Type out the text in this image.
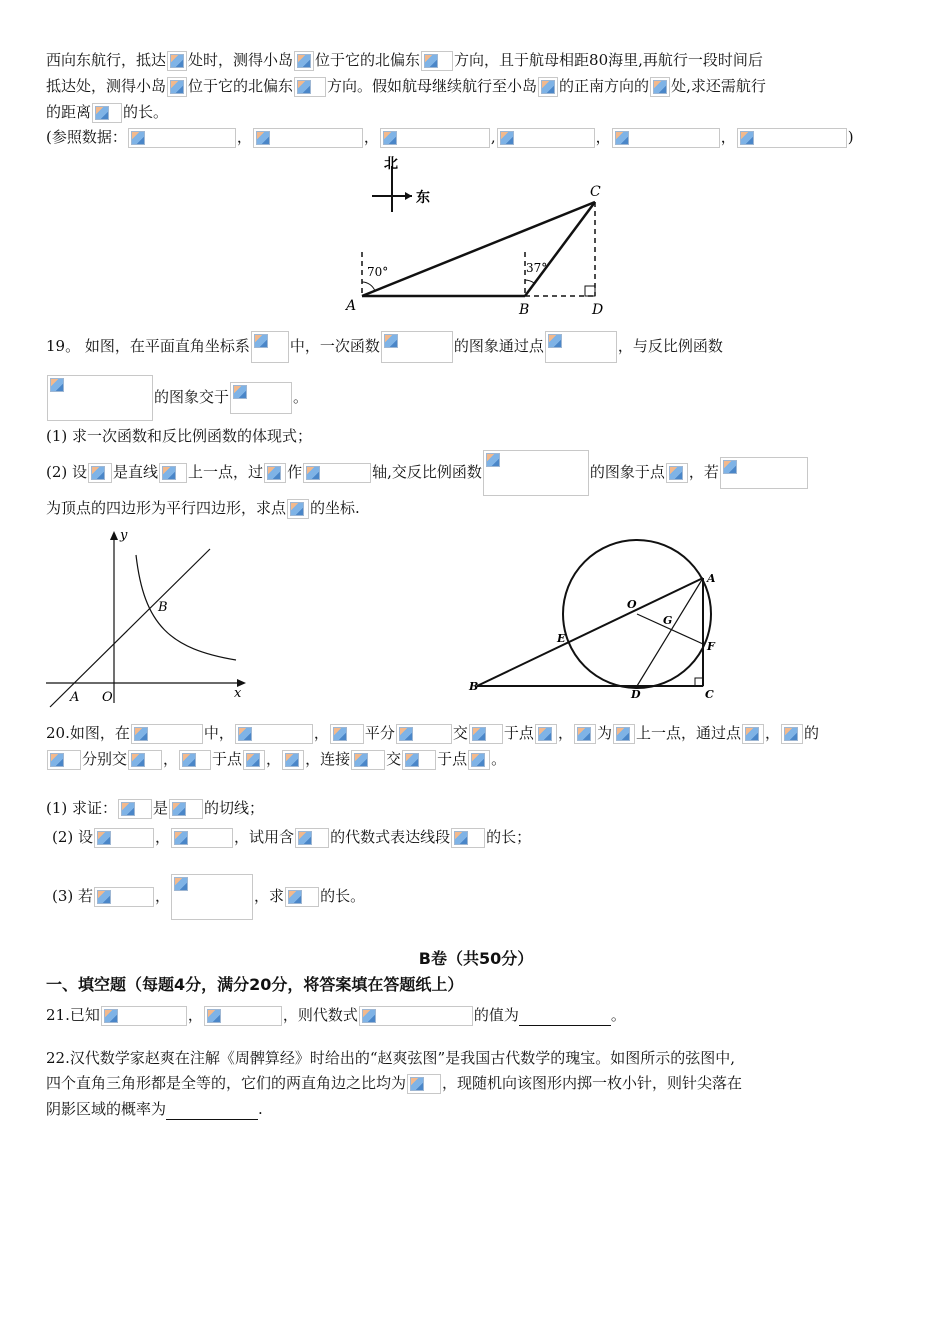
西向东航行，抵达 处时，测得小岛 位于它的北偏东 方向，且于航母相距80海里,再航行一段时间后
抵达处，测得小岛 位于它的北偏东 方向。假如航母继续航行至小岛 的正南方向的 处,求还需航行
的距离 的长。
(参照数据：	，	，	,	，	，	)
北
东
70°	37°
A	B
C
D
19。 如图，在平面直角坐标系	中，一次函数	的图象通过点	，与反比例函数
的图象交于	。
(1) 求一次函数和反比例函数的体现式；
(2) 设 是直线 上一点，过 作	轴,交反比例函数	的图象于点 ，若
为顶点的四边形为平行四边形，求点 的坐标.
y
x
A O
B
A
O
G
E
F
B
D	C
20.如图，在	中，	， 平分	交 于点 ， 为 上一点，通过点 ， 的
分别交 ， 于点 ， ，连接 交 于点 。
(1) 求证： 是 的切线；
(2) 设	，	，试用含 的代数式表达线段 的长；
(3) 若	，	，求 的长。
B卷（共50分）
一、填空题（每题4分，满分20分，将答案填在答题纸上）
21.已知	，	，则代数式	的值为	。
22.汉代数学家赵爽在注解《周髀算经》时给出的“赵爽弦图”是我国古代数学的瑰宝。如图所示的弦图中,
四个直角三角形都是全等的，它们的两直角边之比均为 ，现随机向该图形内掷一枚小针，则针尖落在
阴影区域的概率为	.
